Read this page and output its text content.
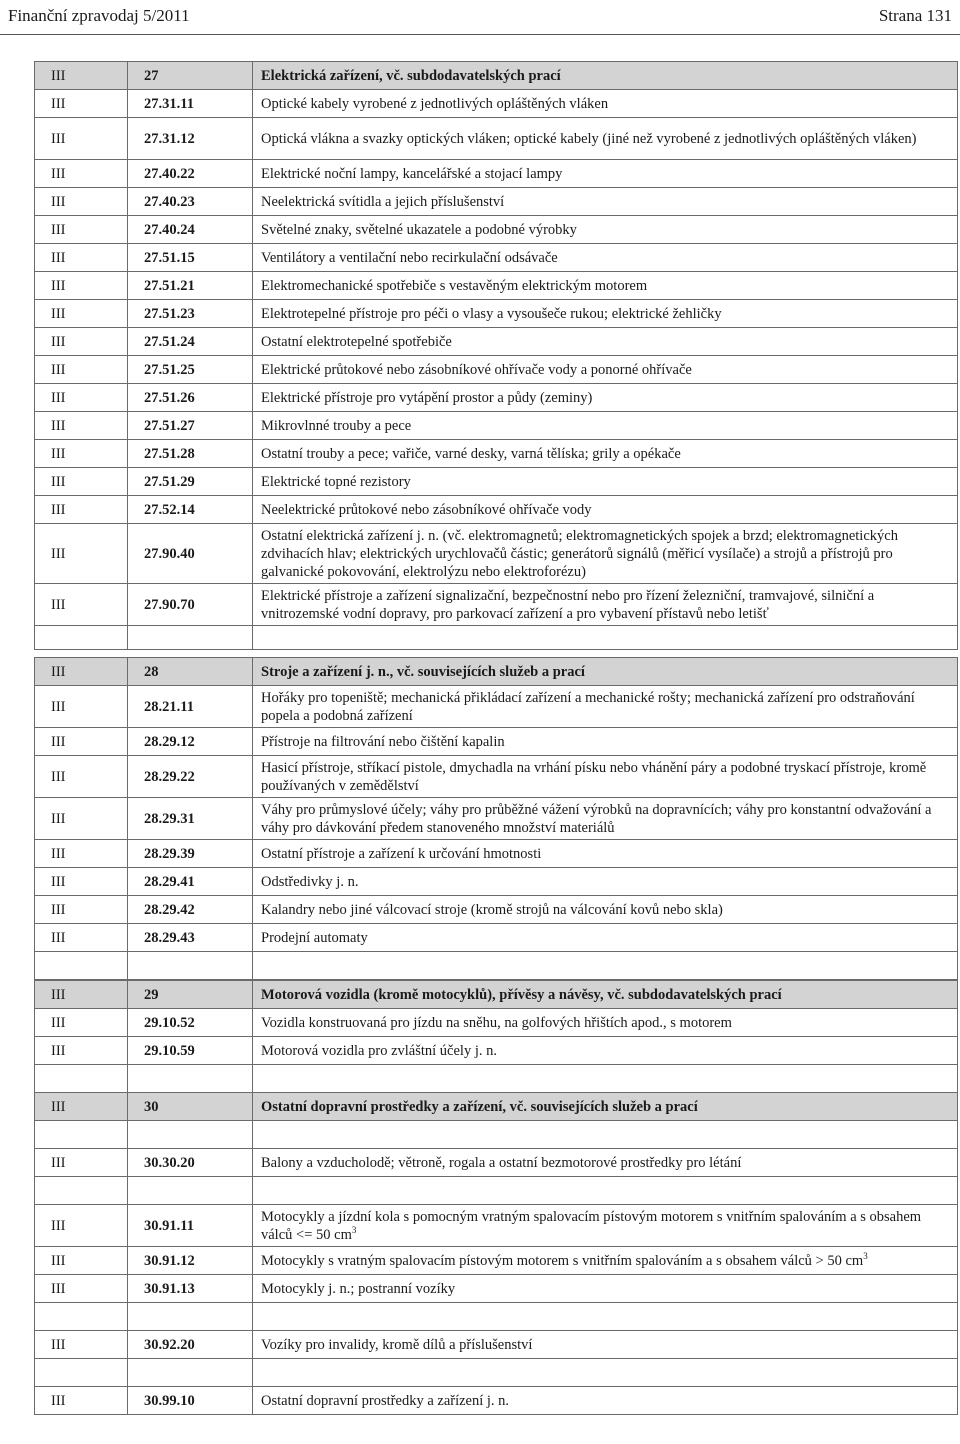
Finanční zpravodaj 5/2011	Strana 131
III	27	Elektrická zařízení, vč. subdodavatelských prací
III	27.31.11	Optické kabely vyrobené z jednotlivých opláštěných vláken
III	27.31.12	Optická vlákna a svazky optických vláken; optické kabely (jiné než vyrobené z jednotlivých opláštěných vláken)
III	27.40.22	Elektrické noční lampy, kancelářské a stojací lampy
III	27.40.23	Neelektrická svítidla a jejich příslušenství
III	27.40.24	Světelné znaky, světelné ukazatele a podobné výrobky
III	27.51.15	Ventilátory a ventilační nebo recirkulační odsávače
III	27.51.21	Elektromechanické spotřebiče s vestavěným elektrickým motorem
III	27.51.23	Elektrotepelné přístroje pro péči o vlasy a vysoušeče rukou; elektrické žehličky
III	27.51.24	Ostatní elektrotepelné spotřebiče
III	27.51.25	Elektrické průtokové nebo zásobníkové ohřívače vody a ponorné ohřívače
III	27.51.26	Elektrické přístroje pro vytápění prostor a půdy (zeminy)
III	27.51.27	Mikrovlnné trouby a pece
III	27.51.28	Ostatní trouby a pece; vařiče, varné desky, varná tělíska; grily a opékače
III	27.51.29	Elektrické topné rezistory
III	27.52.14	Neelektrické průtokové nebo zásobníkové ohřívače vody
III	27.90.40	Ostatní elektrická zařízení j. n. (vč. elektromagnetů; elektromagnetických spojek a brzd; elektromagnetických zdvihacích hlav; elektrických urychlovačů částic; generátorů signálů (měřicí vysílače) a strojů a přístrojů pro galvanické pokovování, elektrolýzu nebo elektroforézu)
III	27.90.70	Elektrické přístroje a zařízení signalizační, bezpečnostní nebo pro řízení železniční, tramvajové, silniční a vnitrozemské vodní dopravy, pro parkovací zařízení a pro vybavení přístavů nebo letišť

III	28	Stroje a zařízení j. n., vč. souvisejících služeb a prací
III	28.21.11	Hořáky pro topeniště; mechanická přikládací zařízení a mechanické rošty; mechanická zařízení pro odstraňování popela a podobná zařízení
III	28.29.12	Přístroje na filtrování nebo čištění kapalin
III	28.29.22	Hasicí přístroje, stříkací pistole, dmychadla na vrhání písku nebo vhánění páry a podobné tryskací přístroje, kromě používaných v zemědělství
III	28.29.31	Váhy pro průmyslové účely; váhy pro průběžné vážení výrobků na dopravnících; váhy pro konstantní odvažování a váhy pro dávkování předem stanoveného množství materiálů
III	28.29.39	Ostatní přístroje a zařízení k určování hmotnosti
III	28.29.41	Odstředivky j. n.
III	28.29.42	Kalandry nebo jiné válcovací stroje (kromě strojů na válcování kovů nebo skla)
III	28.29.43	Prodejní automaty

III	29	Motorová vozidla (kromě motocyklů), přívěsy a návěsy, vč. subdodavatelských prací
III	29.10.52	Vozidla konstruovaná pro jízdu na sněhu, na golfových hřištích apod., s motorem
III	29.10.59	Motorová vozidla pro zvláštní účely j. n.

III	30	Ostatní dopravní prostředky a zařízení, vč. souvisejících služeb a prací

III	30.30.20	Balony a vzducholodě; větroně, rogala a ostatní bezmotorové prostředky pro létání

III	30.91.11	Motocykly a jízdní kola s pomocným vratným spalovacím pístovým motorem s vnitřním spalováním a s obsahem válců <= 50 $cm^3$
III	30.91.12	Motocykly s vratným spalovacím pístovým motorem s vnitřním spalováním a s obsahem válců > 50 $cm^3$
III	30.91.13	Motocykly j. n.; postranní vozíky

III	30.92.20	Vozíky pro invalidy, kromě dílů a příslušenství

III	30.99.10	Ostatní dopravní prostředky a zařízení j. n.
